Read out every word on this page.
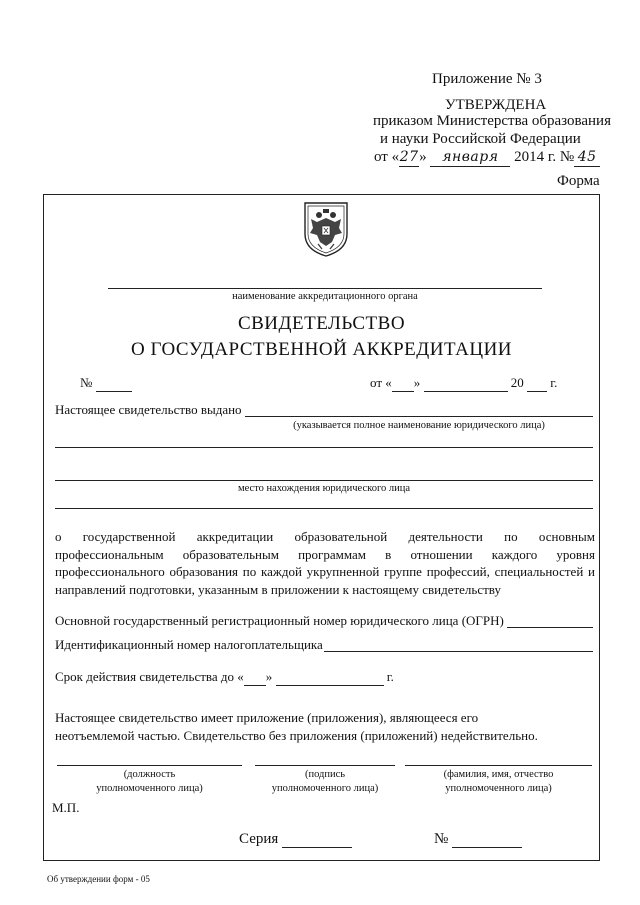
Приложение № 3
УТВЕРЖДЕНА
приказом Министерства образования
и науки Российской Федерации
от «27» января 2014 г. № 45
Форма
наименование аккредитационного органа
СВИДЕТЕЛЬСТВО
О ГОСУДАРСТВЕННОЙ АККРЕДИТАЦИИ
№	от « »	20 г.
Настоящее свидетельство выдано
(указывается полное наименование юридического лица)
место нахождения юридического лица
о государственной аккредитации образовательной деятельности по основным профессиональным образовательным программам в отношении каждого уровня профессионального образования по каждой укрупненной группе профессий, специальностей и направлений подготовки, указанным в приложении к настоящему свидетельству
Основной государственный регистрационный номер юридического лица (ОГРН)
Идентификационный номер налогоплательщика
Срок действия свидетельства до « »	г.
Настоящее свидетельство имеет приложение (приложения), являющееся его неотъемлемой частью. Свидетельство без приложения (приложений) недействительно.
(должность
уполномоченного лица)
(подпись
уполномоченного лица)
(фамилия, имя, отчество
уполномоченного лица)
М.П.
Серия	№
Об утверждении форм - 05
